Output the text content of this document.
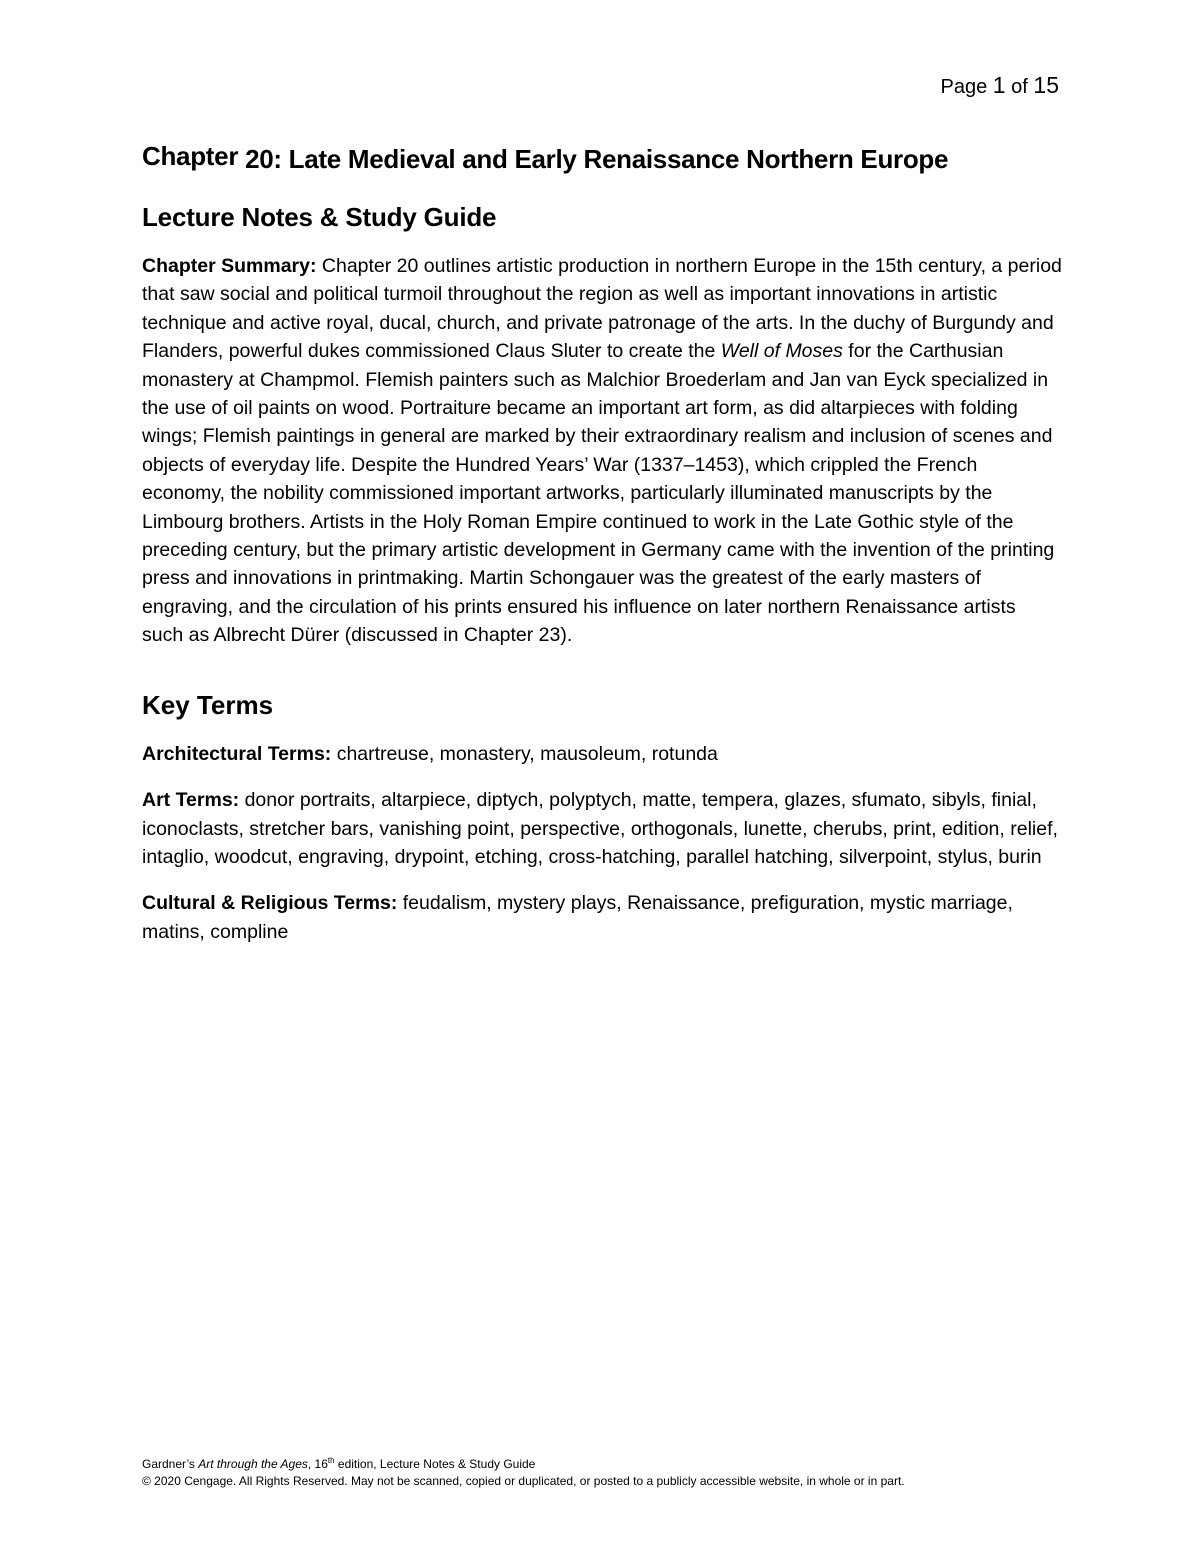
Page 1 of 15
Chapter 20: Late Medieval and Early Renaissance Northern Europe
Lecture Notes & Study Guide

Chapter Summary: Chapter 20 outlines artistic production in northern Europe in the 15th century, a period that saw social and political turmoil throughout the region as well as important innovations in artistic technique and active royal, ducal, church, and private patronage of the arts. In the duchy of Burgundy and Flanders, powerful dukes commissioned Claus Sluter to create the Well of Moses for the Carthusian monastery at Champmol. Flemish painters such as Malchior Broederlam and Jan van Eyck specialized in the use of oil paints on wood. Portraiture became an important art form, as did altarpieces with folding wings; Flemish paintings in general are marked by their extraordinary realism and inclusion of scenes and objects of everyday life. Despite the Hundred Years’ War (1337–1453), which crippled the French economy, the nobility commissioned important artworks, particularly illuminated manuscripts by the Limbourg brothers. Artists in the Holy Roman Empire continued to work in the Late Gothic style of the preceding century, but the primary artistic development in Germany came with the invention of the printing press and innovations in printmaking. Martin Schongauer was the greatest of the early masters of engraving, and the circulation of his prints ensured his influence on later northern Renaissance artists such as Albrecht Dürer (discussed in Chapter 23).

Key Terms

Architectural Terms: chartreuse, monastery, mausoleum, rotunda

Art Terms: donor portraits, altarpiece, diptych, polyptych, matte, tempera, glazes, sfumato, sibyls, finial, iconoclasts, stretcher bars, vanishing point, perspective, orthogonals, lunette, cherubs, print, edition, relief, intaglio, woodcut, engraving, drypoint, etching, cross-hatching, parallel hatching, silverpoint, stylus, burin

Cultural & Religious Terms: feudalism, mystery plays, Renaissance, prefiguration, mystic marriage, matins, compline

Gardner’s Art through the Ages, 16th edition, Lecture Notes & Study Guide
© 2020 Cengage. All Rights Reserved. May not be scanned, copied or duplicated, or posted to a publicly accessible website, in whole or in part.
